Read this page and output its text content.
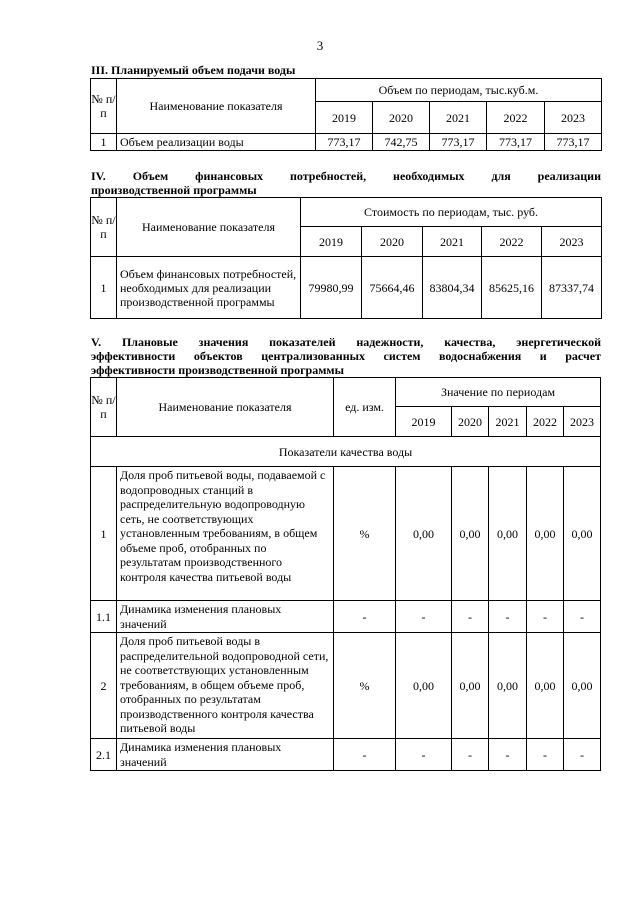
3
III. Планируемый объем подачи воды
№ п/п	Наименование показателя	Объем по периодам, тыс.куб.м.				
		2019	2020	2021	2022	2023
1	Объем реализации воды	773,17	742,75	773,17	773,17	773,17
IV. Объем финансовых потребностей, необходимых для реализации
производственной программы
№ п/п	Наименование показателя	Стоимость по периодам, тыс. руб.				
		2019	2020	2021	2022	2023
1	Объем финансовых потребностей, необходимых для реализации производственной программы	79980,99	75664,46	83804,34	85625,16	87337,74
V. Плановые значения показателей надежности, качества, энергетической
эффективности объектов централизованных систем водоснабжения и расчет
эффективности производственной программы
№ п/п	Наименование показателя	ед. изм.	Значение по периодам				
			2019	2020	2021	2022	2023
Показатели качества воды							
1	Доля проб питьевой воды, подаваемой с водопроводных станций в распределительную водопроводную сеть, не соответствующих установленным требованиям, в общем объеме проб, отобранных по результатам производственного контроля качества питьевой воды	%	0,00	0,00	0,00	0,00	0,00
1.1	Динамика изменения плановых значений	-	-	-	-	-	-
2	Доля проб питьевой воды в распределительной водопроводной сети, не соответствующих установленным требованиям, в общем объеме проб, отобранных по результатам производственного контроля качества питьевой воды	%	0,00	0,00	0,00	0,00	0,00
2.1	Динамика изменения плановых значений	-	-	-	-	-	-
